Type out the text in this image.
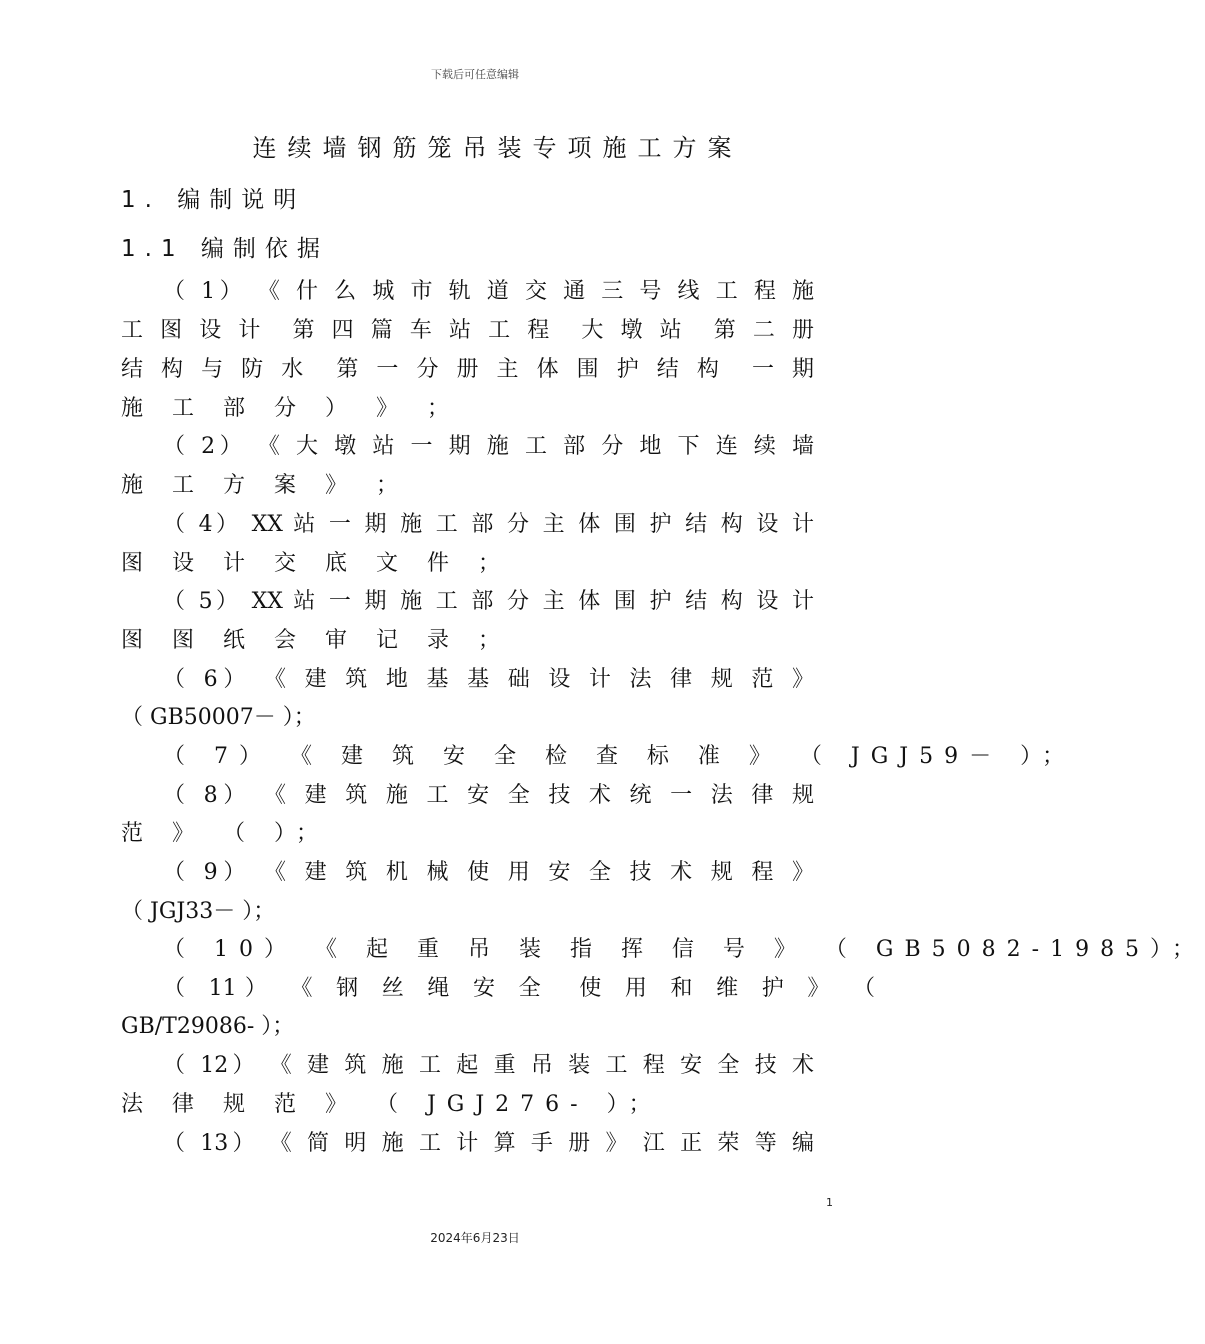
下载后可任意编辑
连续墙钢筋笼吊装专项施工方案
1. 编制说明
1.1 编制依据
（ 1） 《 什 么 城 市 轨 道 交 通 三 号 线 工 程 施
工 图 设 计　第 四 篇 车 站 工 程　大 墩 站　第 二 册
结 构 与 防 水　第 一 分 册 主 体 围 护 结 构　一 期
施 工 部 分 ） 》 ；
（ 2） 《 大 墩 站 一 期 施 工 部 分 地 下 连 续 墙
施 工 方 案 》 ；
（ 4） XX 站 一 期 施 工 部 分 主 体 围 护 结 构 设 计
图 设 计 交 底 文 件 ；
（ 5） XX 站 一 期 施 工 部 分 主 体 围 护 结 构 设 计
图 图 纸 会 审 记 录 ；
（ 6） 《 建 筑 地 基 基 础 设 计 法 律 规 范 》
（ GB50007－ ）；
（ 7） 《 建 筑 安 全 检 查 标 准 》 （ JGJ59－ ）；
（ 8） 《 建 筑 施 工 安 全 技 术 统 一 法 律 规
范 》 （ ）；
（ 9） 《 建 筑 机 械 使 用 安 全 技 术 规 程 》
（ JGJ33－ ）；
（ 10） 《 起 重 吊 装 指 挥 信 号 》 （ GB5082-1985）；
（ 11） 《 钢 丝 绳 安 全　使 用 和 维 护 》 （
GB/T29086- ）；
（ 12） 《 建 筑 施 工 起 重 吊 装 工 程 安 全 技 术
法 律 规 范 》 （ JGJ276- ）；
（ 13） 《 简 明 施 工 计 算 手 册 》 江 正 荣 等 编
1
2024年6月23日
